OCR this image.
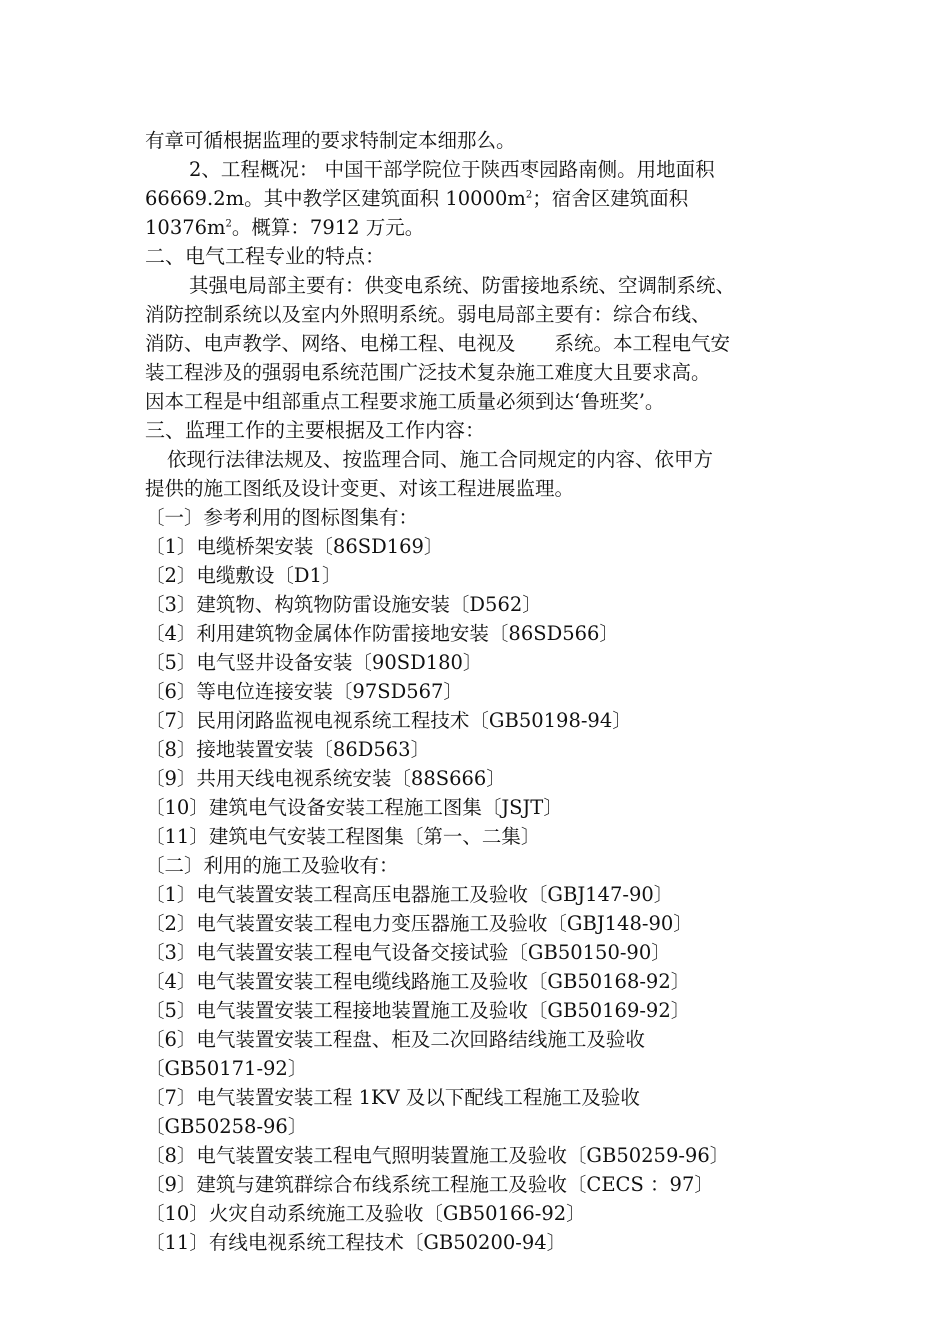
有章可循根据监理的要求特制定本细那么。
2、工程概况： 中国干部学院位于陕西枣园路南侧。用地面积
66669.2m。其中教学区建筑面积 $10000m^2$；宿舍区建筑面积
$10376m^2$。概算：7912 万元。
二、电气工程专业的特点：
其强电局部主要有：供变电系统、防雷接地系统、空调制系统、
消防控制系统以及室内外照明系统。弱电局部主要有：综合布线、
消防、电声教学、网络、电梯工程、电视及　　系统。本工程电气安
装工程涉及的强弱电系统范围广泛技术复杂施工难度大且要求高。
因本工程是中组部重点工程要求施工质量必须到达‘鲁班奖’。
三、监理工作的主要根据及工作内容：
依现行法律法规及、按监理合同、施工合同规定的内容、依甲方
提供的施工图纸及设计变更、对该工程进展监理。
〔一〕参考利用的图标图集有：
〔1〕电缆桥架安装〔86SD169〕
〔2〕电缆敷设〔D1〕
〔3〕建筑物、构筑物防雷设施安装〔D562〕
〔4〕利用建筑物金属体作防雷接地安装〔86SD566〕
〔5〕电气竖井设备安装〔90SD180〕
〔6〕等电位连接安装〔97SD567〕
〔7〕民用闭路监视电视系统工程技术〔GB50198-94〕
〔8〕接地装置安装〔86D563〕
〔9〕共用天线电视系统安装〔88S666〕
〔10〕建筑电气设备安装工程施工图集〔JSJT〕
〔11〕建筑电气安装工程图集〔第一、二集〕
〔二〕利用的施工及验收有：
〔1〕电气装置安装工程高压电器施工及验收〔GBJ147-90〕
〔2〕电气装置安装工程电力变压器施工及验收〔GBJ148-90〕
〔3〕电气装置安装工程电气设备交接试验〔GB50150-90〕
〔4〕电气装置安装工程电缆线路施工及验收〔GB50168-92〕
〔5〕电气装置安装工程接地装置施工及验收〔GB50169-92〕
〔6〕电气装置安装工程盘、柜及二次回路结线施工及验收
〔GB50171-92〕
〔7〕电气装置安装工程 1KV 及以下配线工程施工及验收
〔GB50258-96〕
〔8〕电气装置安装工程电气照明装置施工及验收〔GB50259-96〕
〔9〕建筑与建筑群综合布线系统工程施工及验收〔CECS ：97〕
〔10〕火灾自动系统施工及验收〔GB50166-92〕
〔11〕有线电视系统工程技术〔GB50200-94〕
